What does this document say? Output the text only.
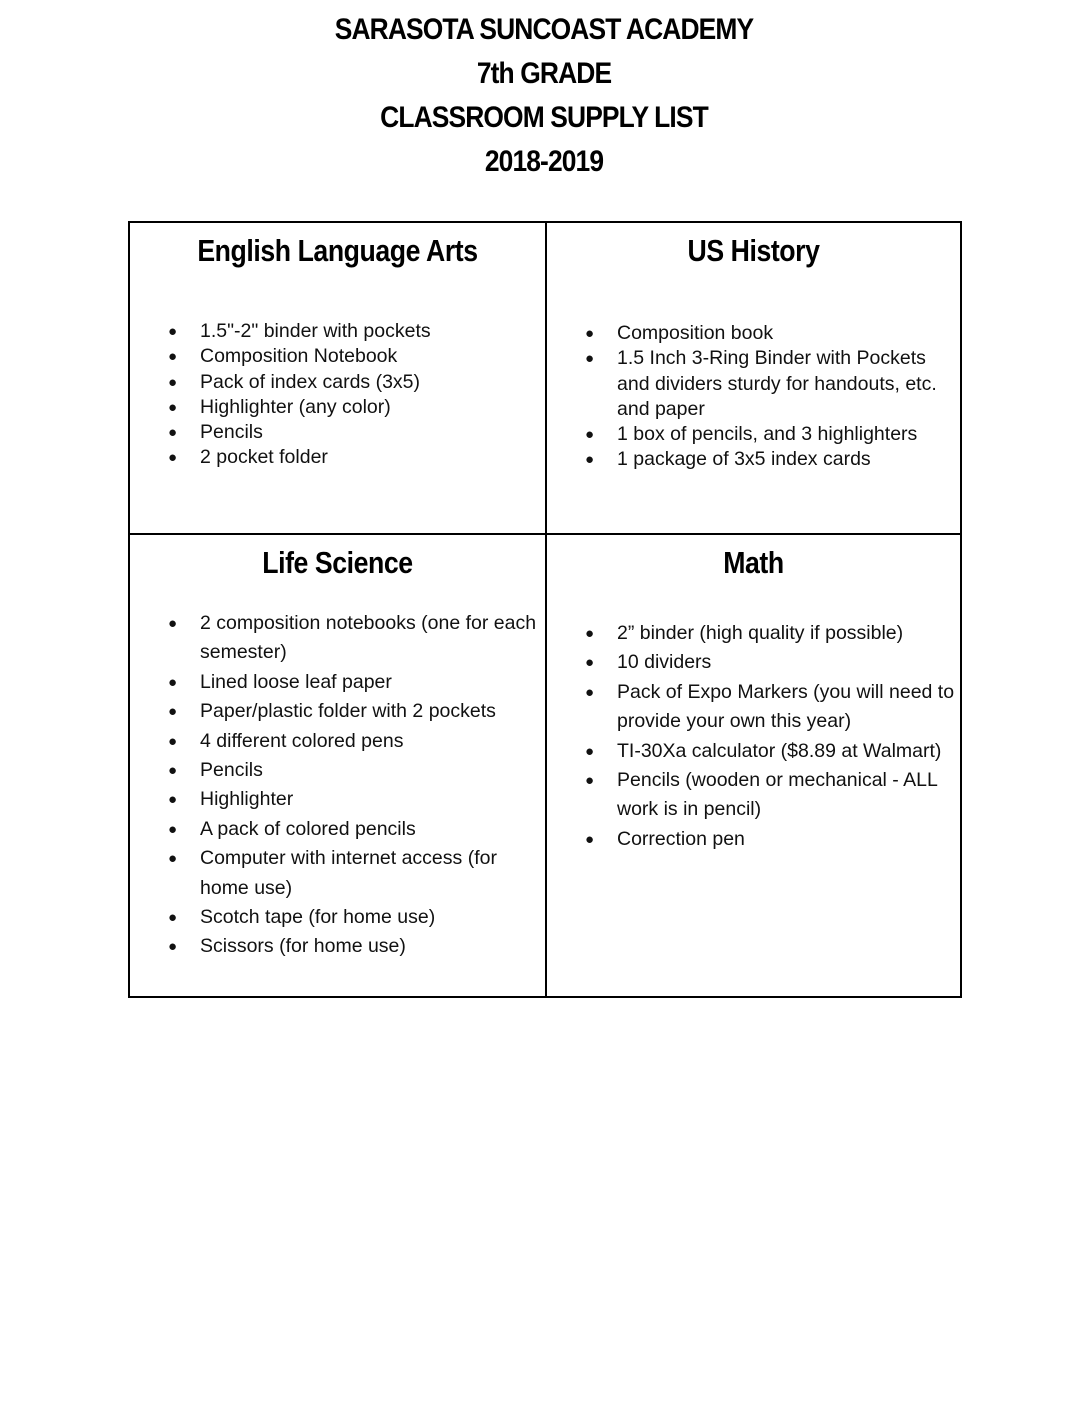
SARASOTA SUNCOAST ACADEMY
7th GRADE
CLASSROOM SUPPLY LIST
2018-2019
English Language Arts
● 1.5"-2" binder with pockets
● Composition Notebook
● Pack of index cards (3x5)
● Highlighter (any color)
● Pencils
● 2 pocket folder
US History
● Composition book
● 1.5 Inch 3-Ring Binder with Pockets and dividers sturdy for handouts, etc. and paper
● 1 box of pencils, and 3 highlighters
● 1 package of 3x5 index cards
Life Science
● 2 composition notebooks (one for each semester)
● Lined loose leaf paper
● Paper/plastic folder with 2 pockets
● 4 different colored pens
● Pencils
● Highlighter
● A pack of colored pencils
● Computer with internet access (for home use)
● Scotch tape (for home use)
● Scissors (for home use)
Math
● 2” binder (high quality if possible)
● 10 dividers
● Pack of Expo Markers (you will need to provide your own this year)
● TI-30Xa calculator ($8.89 at Walmart)
● Pencils (wooden or mechanical - ALL work is in pencil)
● Correction pen
